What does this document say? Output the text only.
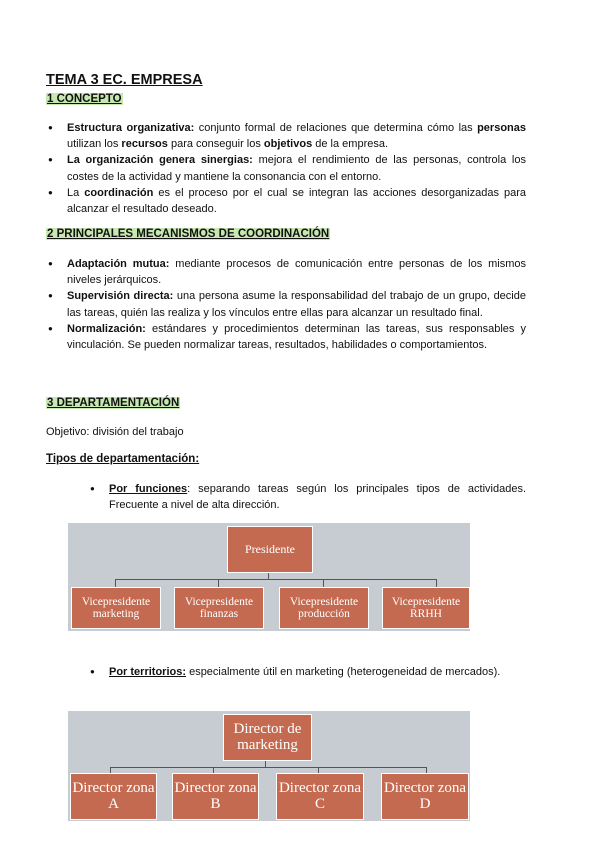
TEMA 3 EC. EMPRESA
1 CONCEPTO
● Estructura organizativa: conjunto formal de relaciones que determina cómo las personas utilizan los recursos para conseguir los objetivos de la empresa.
● La organización genera sinergias: mejora el rendimiento de las personas, controla los costes de la actividad y mantiene la consonancia con el entorno.
● La coordinación es el proceso por el cual se integran las acciones desorganizadas para alcanzar el resultado deseado.
2 PRINCIPALES MECANISMOS DE COORDINACIÓN
● Adaptación mutua: mediante procesos de comunicación entre personas de los mismos niveles jerárquicos.
● Supervisión directa: una persona asume la responsabilidad del trabajo de un grupo, decide las tareas, quién las realiza y los vínculos entre ellas para alcanzar un resultado final.
● Normalización: estándares y procedimientos determinan las tareas, sus responsables y vinculación. Se pueden normalizar tareas, resultados, habilidades o comportamientos.
3 DEPARTAMENTACIÓN
Objetivo: división del trabajo
Tipos de departamentación:
● Por funciones: separando tareas según los principales tipos de actividades. Frecuente a nivel de alta dirección.
Presidente
Vicepresidente marketing
Vicepresidente finanzas
Vicepresidente producción
Vicepresidente RRHH
● Por territorios: especialmente útil en marketing (heterogeneidad de mercados).
Director de marketing
Director zona A
Director zona B
Director zona C
Director zona D
